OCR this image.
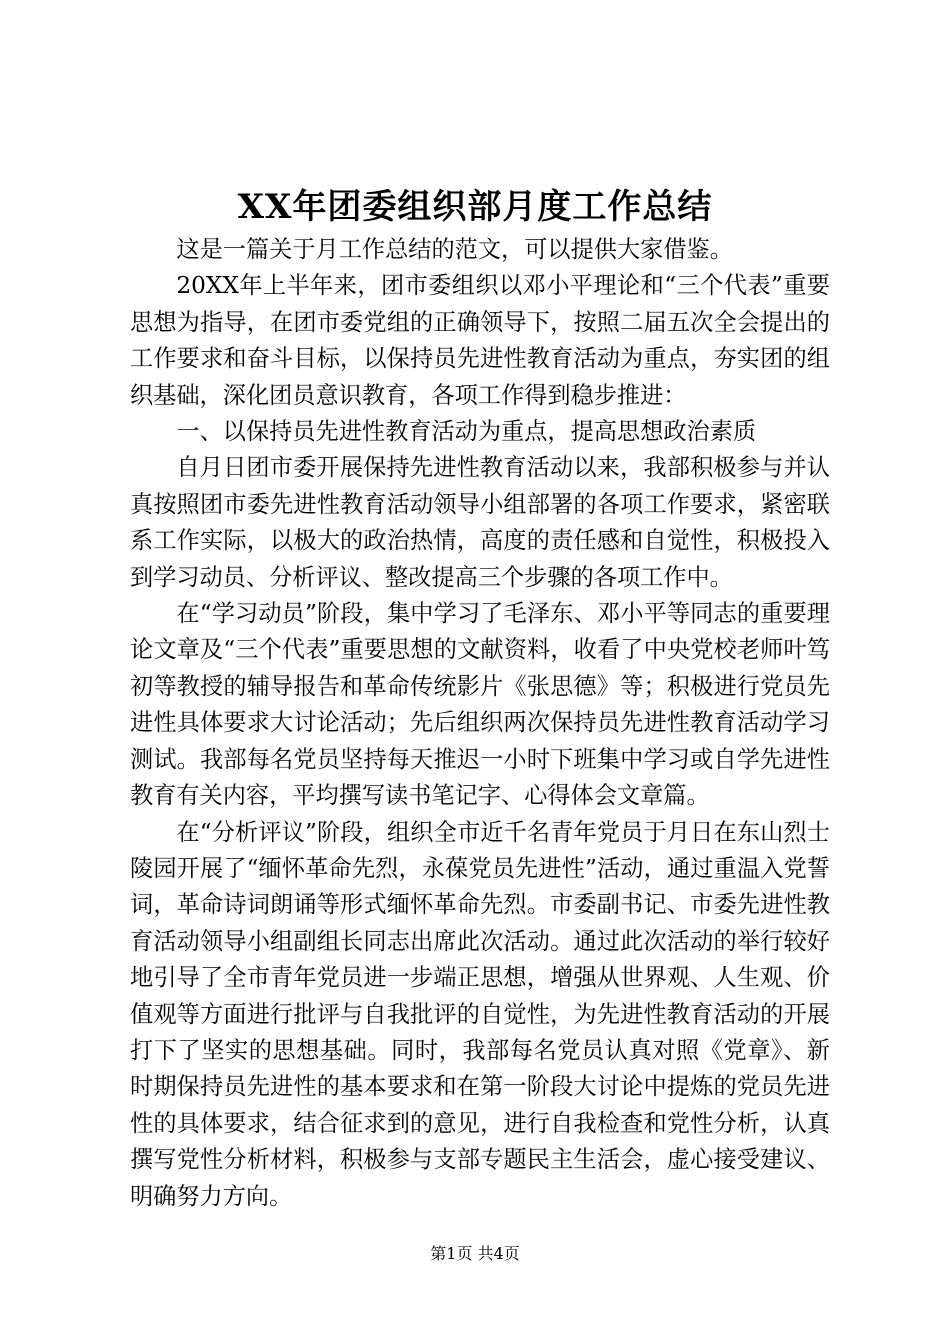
XX年团委组织部月度工作总结

这是一篇关于月工作总结的范文，可以提供大家借鉴。

20XX年上半年来，团市委组织以邓小平理论和“三个代表”重要思想为指导，在团市委党组的正确领导下，按照二届五次全会提出的工作要求和奋斗目标，以保持员先进性教育活动为重点，夯实团的组织基础，深化团员意识教育，各项工作得到稳步推进：

一、以保持员先进性教育活动为重点，提高思想政治素质

自月日团市委开展保持先进性教育活动以来，我部积极参与并认真按照团市委先进性教育活动领导小组部署的各项工作要求，紧密联系工作实际，以极大的政治热情，高度的责任感和自觉性，积极投入到学习动员、分析评议、整改提高三个步骤的各项工作中。

在“学习动员”阶段，集中学习了毛泽东、邓小平等同志的重要理论文章及“三个代表”重要思想的文献资料，收看了中央党校老师叶笃初等教授的辅导报告和革命传统影片《张思德》等；积极进行党员先进性具体要求大讨论活动；先后组织两次保持员先进性教育活动学习测试。我部每名党员坚持每天推迟一小时下班集中学习或自学先进性教育有关内容，平均撰写读书笔记字、心得体会文章篇。

在“分析评议”阶段，组织全市近千名青年党员于月日在东山烈士陵园开展了“缅怀革命先烈，永葆党员先进性”活动，通过重温入党誓词，革命诗词朗诵等形式缅怀革命先烈。市委副书记、市委先进性教育活动领导小组副组长同志出席此次活动。通过此次活动的举行较好地引导了全市青年党员进一步端正思想，增强从世界观、人生观、价值观等方面进行批评与自我批评的自觉性，为先进性教育活动的开展打下了坚实的思想基础。同时，我部每名党员认真对照《党章》、新时期保持员先进性的基本要求和在第一阶段大讨论中提炼的党员先进性的具体要求，结合征求到的意见，进行自我检查和党性分析，认真撰写党性分析材料，积极参与支部专题民主生活会，虚心接受建议、明确努力方向。

第1页 共4页
